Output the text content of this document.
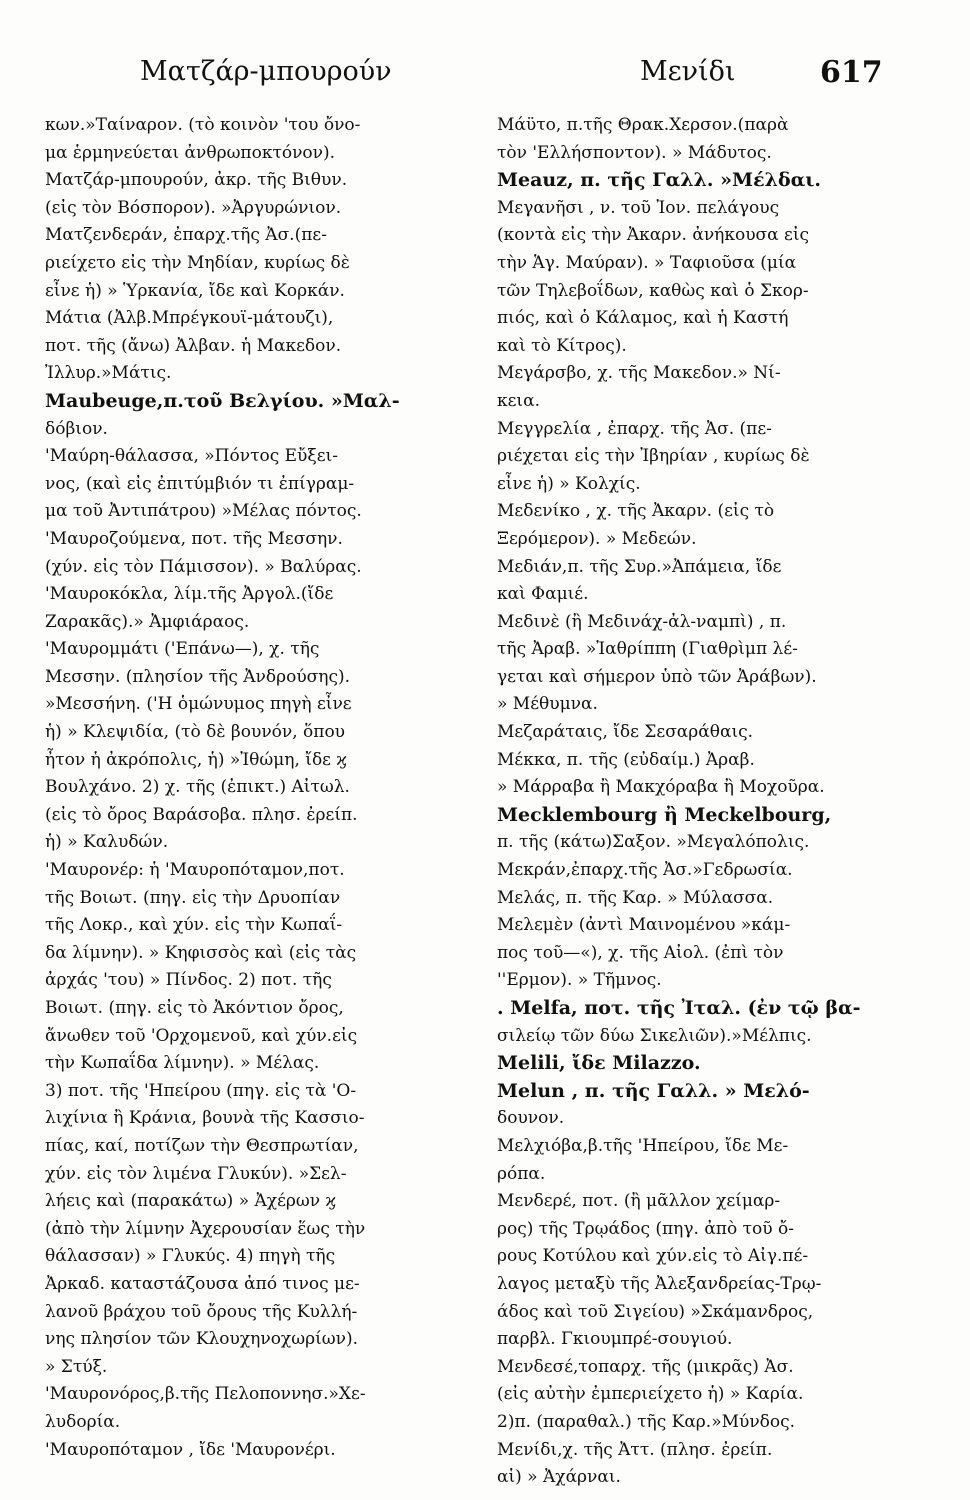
Ματζάρ-μπουρούν	Μενίδι	617
κων.»Ταίναρον. (τὸ κοινὸν 'του ὄνο-
μα ἑρμηνεύεται ἀνθρωποκτόνον).
Ματζάρ-μπουρούν, ἀκρ. τῆς Βιθυν.
(εἰς τὸν Βόσπορον). »Ἀργυρώνιον.
Ματζενδεράν, ἐπαρχ.τῆς Ἀσ.(πε-
ριείχετο εἰς τὴν Μηδίαν, κυρίως δὲ
εἶνε ἡ) » Ὑρκανία, ἴδε καὶ Κορκάν.
Μάτια (Ἀλβ.Μπρέγκουϊ-μάτουζι),
ποτ. τῆς (ἄνω) Ἀλβαν. ἡ Μακεδον.
Ἰλλυρ.»Μάτις.
Maubeuge,π.τοῦ Βελγίου. »Μαλ-
δόβιον.
'Μαύρη-θάλασσα, »Πόντος Εὔξει-
νος, (καὶ εἰς ἐπιτύμβιόν τι ἐπίγραμ-
μα τοῦ Ἀντιπάτρου) »Μέλας πόντος.
'Μαυροζούμενα, ποτ. τῆς Μεσσην.
(χύν. εἰς τὸν Πάμισσον). » Βαλύρας.
'Μαυροκόκλα, λίμ.τῆς Ἀργολ.(ἴδε
Ζαρακᾶς).» Ἀμφιάραος.
'Μαυρομμάτι ('Επάνω—), χ. τῆς
Μεσσην. (πλησίον τῆς Ἀνδρούσης).
»Μεσσήνη. ('Η ὁμώνυμος πηγὴ εἶνε
ἡ) » Κλεψιδία, (τὸ δὲ βουνόν, ὅπου
ἦτον ἡ ἀκρόπολις, ἡ) »Ἰθώμη, ἴδε ϗ
Βουλχάνο. 2) χ. τῆς (ἐπικτ.) Αἰτωλ.
(εἰς τὸ ὄρος Βαράσοβα. πλησ. ἐρείπ.
ἡ) » Καλυδών.
'Μαυρονέρ: ἡ 'Μαυροπόταμον,ποτ.
τῆς Βοιωτ. (πηγ. εἰς τὴν Δρυοπίαν
τῆς Λοκρ., καὶ χύν. εἰς τὴν Κωπαΐ-
δα λίμνην). » Κηφισσὸς καὶ (εἰς τὰς
ἀρχάς 'του) » Πίνδος. 2) ποτ. τῆς
Βοιωτ. (πηγ. εἰς τὸ Ἀκόντιον ὄρος,
ἄνωθεν τοῦ 'Ορχομενοῦ, καὶ χύν.εἰς
τὴν Κωπαΐδα λίμνην). » Μέλας.
3) ποτ. τῆς 'Ηπείρου (πηγ. εἰς τὰ 'Ο-
λιχίνια ἢ Κράνια, βουνὰ τῆς Κασσιο-
πίας, καί, ποτίζων τὴν Θεσπρωτίαν,
χύν. εἰς τὸν λιμένα Γλυκύν). »Σελ-
λήεις καὶ (παρακάτω) » Ἀχέρων ϗ
(ἀπὸ τὴν λίμνην Ἀχερουσίαν ἕως τὴν
θάλασσαν) » Γλυκύς. 4) πηγὴ τῆς
Ἀρκαδ. καταστάζουσα ἀπό τινος με-
λανοῦ βράχου τοῦ ὄρους τῆς Κυλλή-
νης πλησίον τῶν Κλουχηνοχωρίων).
» Στύξ.
'Μαυρονόρος,β.τῆς Πελοποννησ.»Χε-
λυδορία.
'Μαυροπόταμον , ἴδε 'Μαυρονέρι.
Μάϋτο, π.τῆς Θρακ.Χερσον.(παρὰ
τὸν 'Ελλήσποντον). » Μάδυτος.
Meauz, π. τῆς Γαλλ. »Μέλδαι.
Μεγανῆσι , ν. τοῦ Ἰον. πελάγους
(κοντὰ εἰς τὴν Ἀκαρν. ἀνήκουσα εἰς
τὴν Ἁγ. Μαύραν). » Ταφιοῦσα (μία
τῶν Τηλεβοΐδων, καθὼς καὶ ὁ Σκορ-
πιός, καὶ ὁ Κάλαμος, καὶ ἡ Καστή
καὶ τὸ Κίτρος).
Μεγάρσβο, χ. τῆς Μακεδον.» Νί-
κεια.
Μεγγρελία , ἐπαρχ. τῆς Ἀσ. (πε-
ριέχεται εἰς τὴν Ἰβηρίαν , κυρίως δὲ
εἶνε ἡ) » Κολχίς.
Μεδενίκο , χ. τῆς Ἀκαρν. (εἰς τὸ
Ξερόμερον). » Μεδεών.
Μεδιάν,π. τῆς Συρ.»Ἀπάμεια, ἴδε
καὶ Φαμιέ.
Μεδινὲ (ἢ Μεδινάχ-ἀλ-ναμπὶ) , π.
τῆς Ἀραβ. »Ἰαθρίππη (Γιαθρὶμπ λέ-
γεται καὶ σήμερον ὑπὸ τῶν Ἀράβων).
» Μέθυμνα.
Μεζαράταις, ἴδε Σεσαράθαις.
Μέκκα, π. τῆς (εὐδαίμ.) Ἀραβ.
» Μάρραβα ἢ Μακχόραβα ἢ Μοχοῦρα.
Mecklembourg ἢ Meckelbourg,
π. τῆς (κάτω)Σαξον. »Μεγαλόπολις.
Μεκράν,ἐπαρχ.τῆς Ἀσ.»Γεδρωσία.
Μελάς, π. τῆς Καρ. » Μύλασσα.
Μελεμὲν (ἀντὶ Μαινομένου »κάμ-
πος τοῦ—«), χ. τῆς Αἰολ. (ἐπὶ τὸν
''Ερμον). » Τῆμνος.
. Melfa, ποτ. τῆς Ἰταλ. (ἐν τῷ βα-
σιλείῳ τῶν δύω Σικελιῶν).»Μέλπις.
Melili, ἴδε Milazzo.
Melun , π. τῆς Γαλλ. » Μελό-
δουνον.
Μελχιόβα,β.τῆς 'Ηπείρου, ἴδε Με-
ρόπα.
Μενδερέ, ποτ. (ἢ μᾶλλον χείμαρ-
ρος) τῆς Τρῳάδος (πηγ. ἀπὸ τοῦ ὄ-
ρους Κοτύλου καὶ χύν.εἰς τὸ Αἰγ.πέ-
λαγος μεταξὺ τῆς Ἀλεξανδρείας-Τρῳ-
άδος καὶ τοῦ Σιγείου) »Σκάμανδρος,
παρβλ. Γκιουμπρέ-σουγιού.
Μενδεσέ,τοπαρχ. τῆς (μικρᾶς) Ἀσ.
(εἰς αὐτὴν ἐμπεριείχετο ἡ) » Καρία.
2)π. (παραθαλ.) τῆς Καρ.»Μύνδος.
Μενίδι,χ. τῆς Ἀττ. (πλησ. ἐρείπ.
αἱ) » Ἀχάρναι.
